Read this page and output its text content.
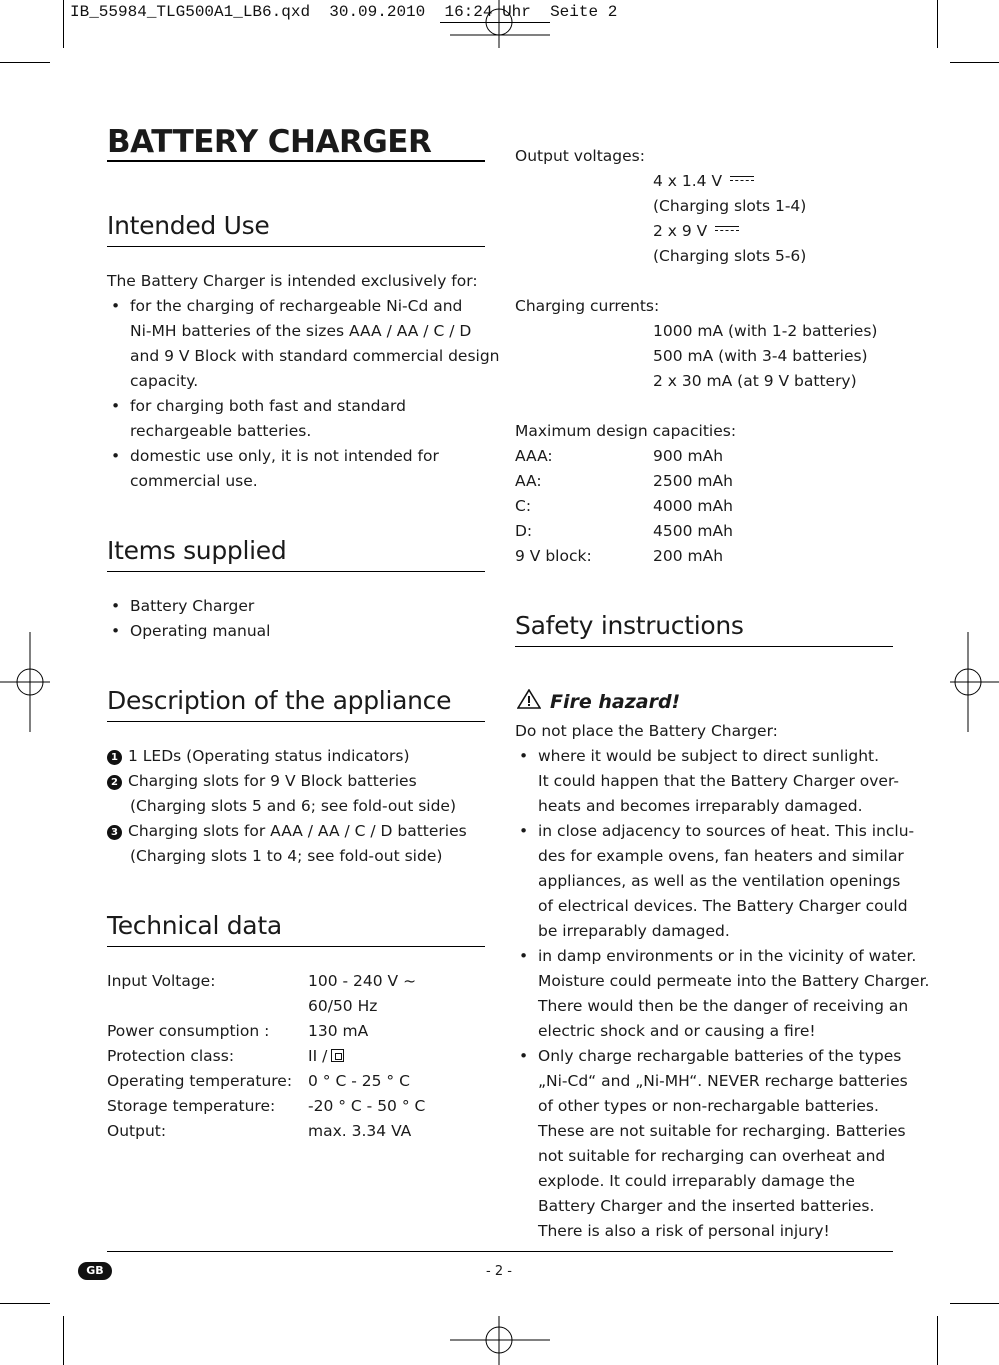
IB_55984_TLG500A1_LB6.qxd  30.09.2010  16:24 Uhr  Seite 2
BATTERY CHARGER
Intended Use
The Battery Charger is intended exclusively for:
• for the charging of rechargeable Ni-Cd and
Ni-MH batteries of the sizes AAA / AA / C / D
and 9 V Block with standard commercial design
capacity.
• for charging both fast and standard
rechargeable batteries.
• domestic use only, it is not intended for
commercial use.
Items supplied
• Battery Charger
• Operating manual
Description of the appliance
1 1 LEDs (Operating status indicators)
2 Charging slots for 9 V Block batteries
(Charging slots 5 and 6; see fold-out side)
3 Charging slots for AAA / AA / C / D batteries
(Charging slots 1 to 4; see fold-out side)
Technical data
Input Voltage:	100 - 240 V ~
60/50 Hz
Power consumption :	130 mA
Protection class:	II /
Operating temperature:	0 ° C - 25 ° C
Storage temperature:	-20 ° C - 50 ° C
Output:	max. 3.34 VA
Output voltages:
4 x 1.4 V
(Charging slots 1-4)
2 x 9 V
(Charging slots 5-6)

Charging currents:
1000 mA (with 1-2 batteries)
500 mA (with 3-4 batteries)
2 x 30 mA (at 9 V battery)

Maximum design capacities:
AAA:	900 mAh
AA:	2500 mAh
C:	4000 mAh
D:	4500 mAh
9 V block:	200 mAh
Safety instructions
Fire hazard!
Do not place the Battery Charger:
• where it would be subject to direct sunlight.
It could happen that the Battery Charger over-
heats and becomes irreparably damaged.
• in close adjacency to sources of heat. This inclu-
des for example ovens, fan heaters and similar
appliances, as well as the ventilation openings
of electrical devices. The Battery Charger could
be irreparably damaged.
• in damp environments or in the vicinity of water.
Moisture could permeate into the Battery Charger.
There would then be the danger of receiving an
electric shock and or causing a fire!
• Only charge rechargable batteries of the types
„Ni-Cd“ and „Ni-MH“. NEVER recharge batteries
of other types or non-rechargable batteries.
These are not suitable for recharging. Batteries
not suitable for recharging can overheat and
explode. It could irreparably damage the
Battery Charger and the inserted batteries.
There is also a risk of personal injury!
GB	- 2 -
